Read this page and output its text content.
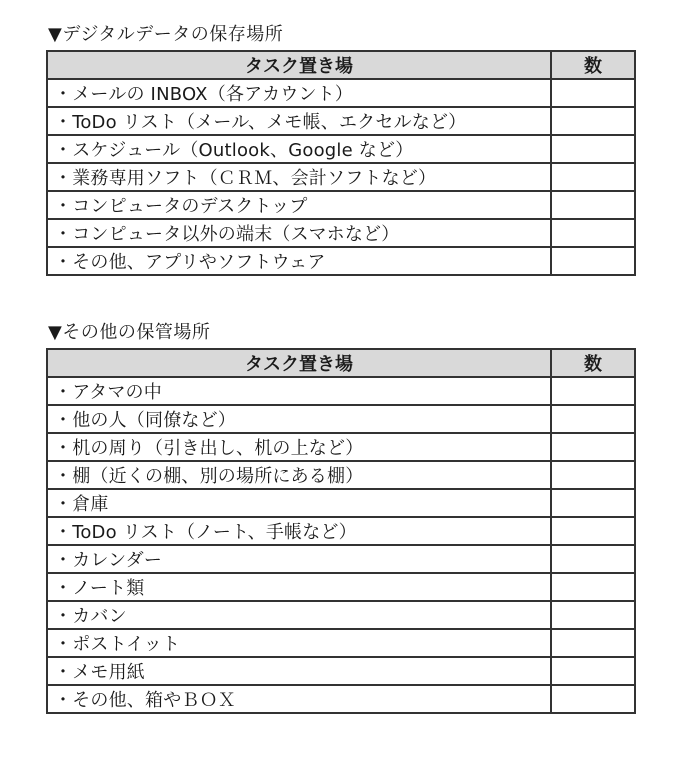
▼デジタルデータの保存場所
タスク置き場	数
・メールの INBOX（各アカウント）	
・ToDo リスト（メール、メモ帳、エクセルなど）	
・スケジュール（Outlook、Google など）	
・業務専用ソフト（ＣＲＭ、会計ソフトなど）	
・コンピュータのデスクトップ	
・コンピュータ以外の端末（スマホなど）	
・その他、アプリやソフトウェア	
▼その他の保管場所
タスク置き場	数
・アタマの中	
・他の人（同僚など）	
・机の周り（引き出し、机の上など）	
・棚（近くの棚、別の場所にある棚）	
・倉庫	
・ToDo リスト（ノート、手帳など）	
・カレンダー	
・ノート類	
・カバン	
・ポストイット	
・メモ用紙	
・その他、箱やＢＯＸ	
